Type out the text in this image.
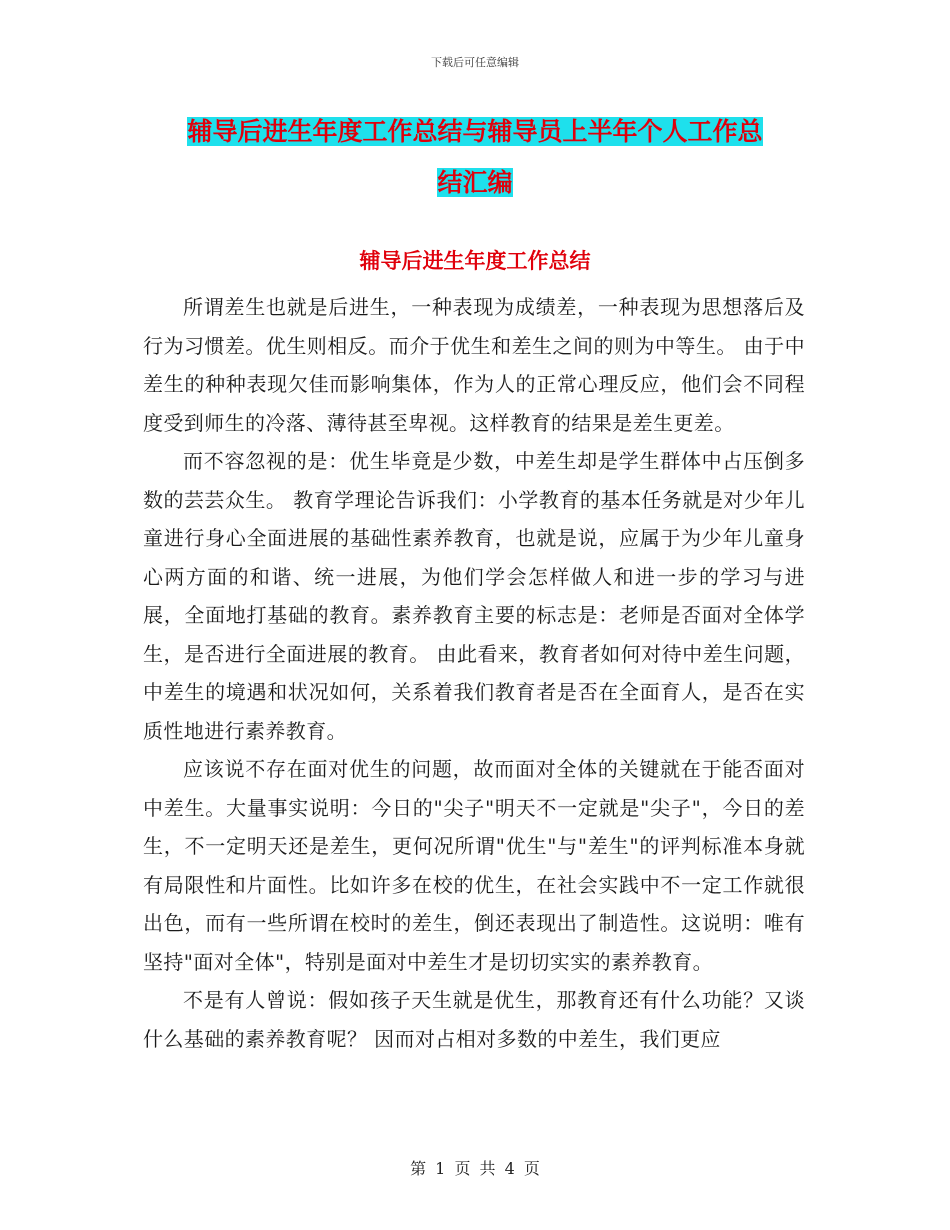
下载后可任意编辑
辅导后进生年度工作总结与辅导员上半年个人工作总
结汇编
辅导后进生年度工作总结

所谓差生也就是后进生，一种表现为成绩差，一种表现为思想落后及行为习惯差。优生则相反。而介于优生和差生之间的则为中等生。 由于中差生的种种表现欠佳而影响集体，作为人的正常心理反应，他们会不同程度受到师生的冷落、薄待甚至卑视。这样教育的结果是差生更差。

而不容忽视的是：优生毕竟是少数，中差生却是学生群体中占压倒多数的芸芸众生。 教育学理论告诉我们：小学教育的基本任务就是对少年儿童进行身心全面进展的基础性素养教育，也就是说，应属于为少年儿童身心两方面的和谐、统一进展，为他们学会怎样做人和进一步的学习与进展，全面地打基础的教育。素养教育主要的标志是：老师是否面对全体学生，是否进行全面进展的教育。 由此看来，教育者如何对待中差生问题，中差生的境遇和状况如何，关系着我们教育者是否在全面育人，是否在实质性地进行素养教育。

应该说不存在面对优生的问题，故而面对全体的关键就在于能否面对中差生。大量事实说明：今日的"尖子"明天不一定就是"尖子"，今日的差生，不一定明天还是差生，更何况所谓"优生"与"差生"的评判标准本身就有局限性和片面性。比如许多在校的优生，在社会实践中不一定工作就很出色，而有一些所谓在校时的差生，倒还表现出了制造性。这说明：唯有坚持"面对全体"，特别是面对中差生才是切切实实的素养教育。

不是有人曾说：假如孩子天生就是优生，那教育还有什么功能？又谈什么基础的素养教育呢？ 因而对占相对多数的中差生，我们更应

第 1 页 共 4 页
